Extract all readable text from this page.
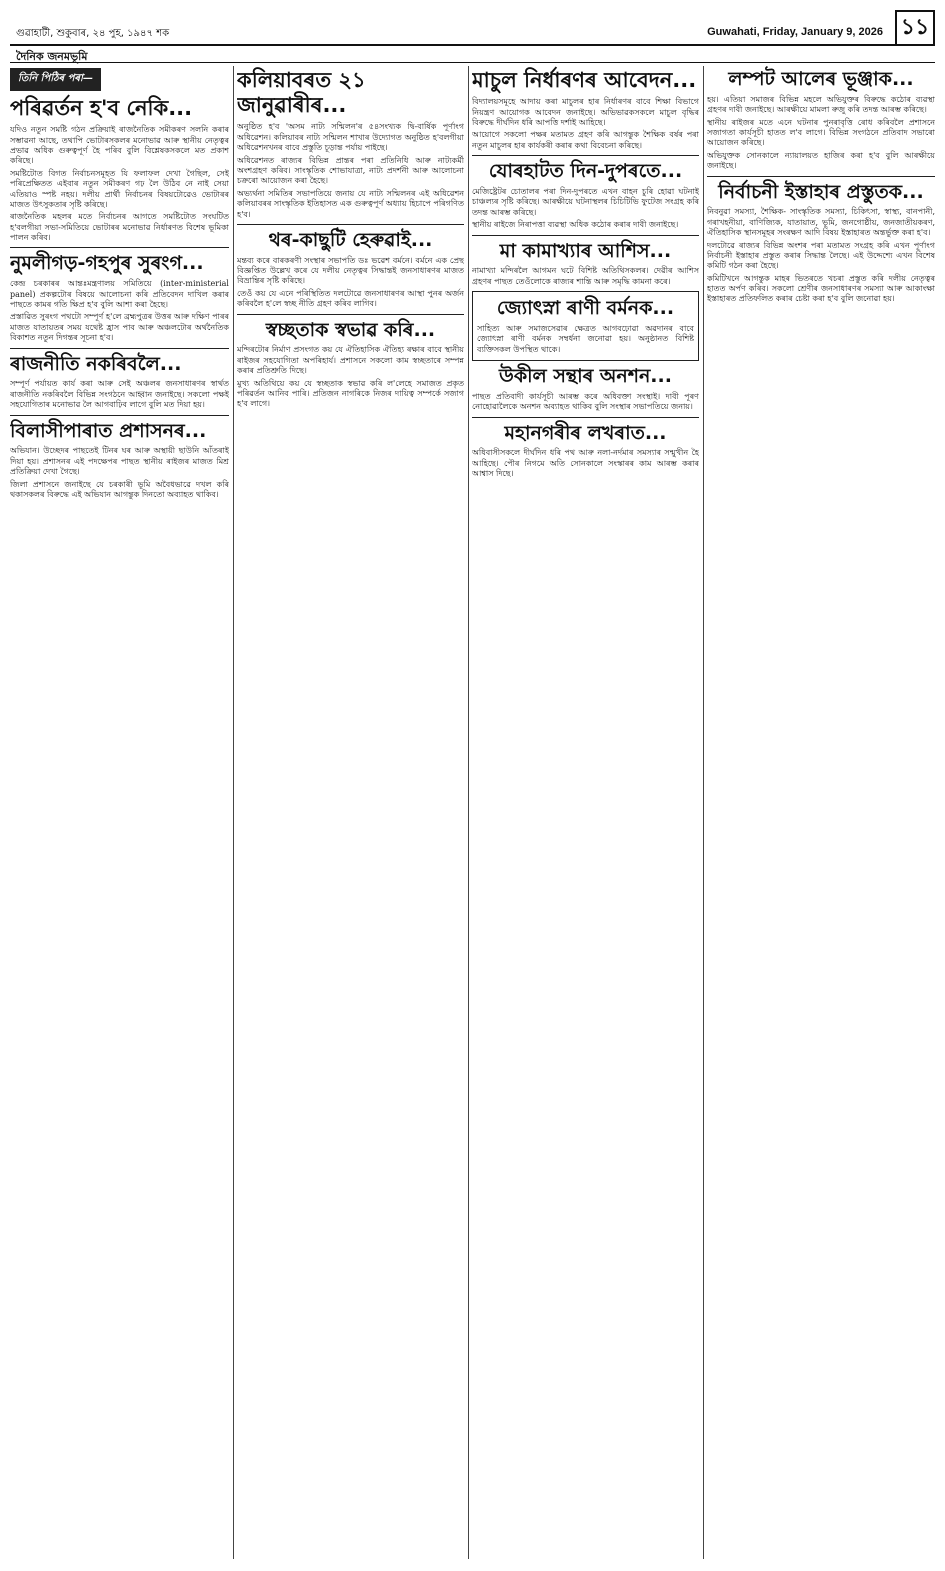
গুৱাহাটী, শুকুবাৰ, ২৪ পুহ, ১৯৪৭ শক	Guwahati, Friday, January 9, 2026 ১১
দৈনিক জনমভূমি
তিনি পিঠিৰ পৰা—
পৰিৱৰ্তন হ'ব নেকি...

যদিও নতুন সমষ্টি গঠন প্ৰক্ৰিয়াই ৰাজনৈতিক সমীকৰণ সলনি কৰাৰ সম্ভাৱনা আছে, তথাপি ভোটাৰসকলৰ মনোভাৱ আৰু স্থানীয় নেতৃত্বৰ প্ৰভাৱ অধিক গুৰুত্বপূৰ্ণ হৈ পৰিব বুলি বিশ্লেষকসকলে মত প্ৰকাশ কৰিছে।

সমষ্টিটোত বিগত নিৰ্বাচনসমূহত যি ফলাফল দেখা গৈছিল, সেই পৰিপ্ৰেক্ষিতত এইবাৰ নতুন সমীকৰণ গঢ় লৈ উঠিব নে নাই সেয়া এতিয়াও স্পষ্ট নহয়। দলীয় প্ৰাৰ্থী নিৰ্বাচনৰ বিষয়টোৱেও ভোটাৰৰ মাজত উৎসুকতাৰ সৃষ্টি কৰিছে।

ৰাজনৈতিক মহলৰ মতে নিৰ্বাচনৰ আগতে সমষ্টিটোত সংঘটিত হ'বলগীয়া সভা-সমিতিয়ে ভোটাৰৰ মনোভাৱ নিৰ্ধাৰণত বিশেষ ভূমিকা পালন কৰিব।

নুমলীগড়-গহপুৰ সুৰংগ...

কেন্দ্ৰ চৰকাৰৰ আন্তঃমন্ত্ৰণালয় সমিতিয়ে (inter-ministerial panel) প্ৰকল্পটোৰ বিষয়ে আলোচনা কৰি প্ৰতিবেদন দাখিল কৰাৰ পাছতে কামৰ গতি ক্ষিপ্ৰ হ'ব বুলি আশা কৰা হৈছে।

প্ৰস্তাৱিত সুৰংগ পথটো সম্পূৰ্ণ হ'লে ব্ৰহ্মপুত্ৰৰ উত্তৰ আৰু দক্ষিণ পাৰৰ মাজত যাতায়তৰ সময় যথেষ্ট হ্ৰাস পাব আৰু অঞ্চলটোৰ অৰ্থনৈতিক বিকাশত নতুন দিগন্তৰ সূচনা হ'ব।

ৰাজনীতি নকৰিবলৈ...

সম্পূৰ্ণ পৰ্যায়ত কাৰ্য কৰা আৰু সেই অঞ্চলৰ জনসাধাৰণৰ স্বাৰ্থত ৰাজনীতি নকৰিবলৈ বিভিন্ন সংগঠনে আহ্বান জনাইছে। সকলো পক্ষই সহযোগিতাৰ মনোভাৱ লৈ আগবাঢ়িব লাগে বুলি মত দিয়া হয়।

বিলাসীপাৰাত প্ৰশাসনৰ...

অভিযান। উচ্ছেদৰ পাছতেই টিনৰ ঘৰ আৰু অস্থায়ী ছাউনি আঁতৰাই দিয়া হয়। প্ৰশাসনৰ এই পদক্ষেপৰ পাছত স্থানীয় ৰাইজৰ মাজত মিশ্ৰ প্ৰতিক্ৰিয়া দেখা গৈছে।

জিলা প্ৰশাসনে জনাইছে যে চৰকাৰী ভূমি অবৈধভাৱে দখল কৰি থকাসকলৰ বিৰুদ্ধে এই অভিযান আগন্তুক দিনতো অব্যাহত থাকিব।

কলিয়াবৰত ২১ জানুৱাৰীৰ...

অনুষ্ঠিত হ'ব 'অসম নাট্য সন্মিলন'ৰ ৫৪সংখ্যক দ্বি-বাৰ্ষিক পূৰ্ণাংগ অধিৱেশন। কলিয়াবৰ নাট্য সন্মিলন শাখাৰ উদ্যোগত অনুষ্ঠিত হ'বলগীয়া অধিৱেশনখনৰ বাবে প্ৰস্তুতি চূড়ান্ত পৰ্যায় পাইছে।

অধিৱেশনত ৰাজ্যৰ বিভিন্ন প্ৰান্তৰ পৰা প্ৰতিনিধি আৰু নাট্যকৰ্মী অংশগ্ৰহণ কৰিব। সাংস্কৃতিক শোভাযাত্ৰা, নাট্য প্ৰদৰ্শনী আৰু আলোচনা চক্ৰৰো আয়োজন কৰা হৈছে।

অভ্যৰ্থনা সমিতিৰ সভাপতিয়ে জনায় যে নাট্য সন্মিলনৰ এই অধিৱেশন কলিয়াবৰৰ সাংস্কৃতিক ইতিহাসত এক গুৰুত্বপূৰ্ণ অধ্যায় হিচাপে পৰিগণিত হ'ব।

থৰ-কাছুটি হেৰুৱাই...

মন্তব্য কৰে বাৰকৰণী সংস্থাৰ সভাপতি ডঃ ভৱেশ বৰ্মনে। বৰ্মনে এক প্ৰেছ বিজ্ঞপ্তিত উল্লেখ কৰে যে দলীয় নেতৃত্বৰ সিদ্ধান্তই জনসাধাৰণৰ মাজত বিভ্ৰান্তিৰ সৃষ্টি কৰিছে।

তেওঁ কয় যে এনে পৰিস্থিতিত দলটোৱে জনসাধাৰণৰ আস্থা পুনৰ অৰ্জন কৰিবলৈ হ'লে স্বচ্ছ নীতি গ্ৰহণ কৰিব লাগিব।

স্বচ্ছতাক স্বভাৱ কৰি...

মন্দিৰটোৰ নিৰ্মাণ প্ৰসংগত কয় যে ঐতিহাসিক ঐতিহ্য ৰক্ষাৰ বাবে স্থানীয় ৰাইজৰ সহযোগিতা অপৰিহাৰ্য। প্ৰশাসনে সকলো কাম স্বচ্ছতাৰে সম্পন্ন কৰাৰ প্ৰতিশ্ৰুতি দিছে।

মুখ্য অতিথিয়ে কয় যে স্বচ্ছতাক স্বভাৱ কৰি ল'লেহে সমাজত প্ৰকৃত পৰিৱৰ্তন আনিব পাৰি। প্ৰতিজন নাগৰিকে নিজৰ দায়িত্ব সম্পৰ্কে সজাগ হ'ব লাগে।

মাচুল নিৰ্ধাৰণৰ আবেদন...

বিদ্যালয়সমূহে আদায় কৰা মাচুলৰ হাৰ নিৰ্ধাৰণৰ বাবে শিক্ষা বিভাগে নিয়ন্ত্ৰণ আয়োগক আবেদন জনাইছে। অভিভাৱকসকলে মাচুল বৃদ্ধিৰ বিৰুদ্ধে দীৰ্ঘদিন ধৰি আপত্তি দৰ্শাই আহিছে।

আয়োগে সকলো পক্ষৰ মতামত গ্ৰহণ কৰি আগন্তুক শৈক্ষিক বৰ্ষৰ পৰা নতুন মাচুলৰ হাৰ কাৰ্যকৰী কৰাৰ কথা বিবেচনা কৰিছে।

যোৰহাটত দিন-দুপৰতে...

মেজিষ্ট্ৰেটৰ চোতালৰ পৰা দিন-দুপৰতে এখন বাহন চুৰি হোৱা ঘটনাই চাঞ্চল্যৰ সৃষ্টি কৰিছে। আৰক্ষীয়ে ঘটনাস্থলৰ চিচিটিভি ফুটেজ সংগ্ৰহ কৰি তদন্ত আৰম্ভ কৰিছে।

স্থানীয় ৰাইজে নিৰাপত্তা ব্যৱস্থা অধিক কঠোৰ কৰাৰ দাবী জনাইছে।

মা কামাখ্যাৰ আশিস...

নামাখ্যা মন্দিৰলৈ আগমন ঘটে বিশিষ্ট অতিথিসকলৰ। দেৱীৰ আশিস গ্ৰহণৰ পাছত তেওঁলোকে ৰাজ্যৰ শান্তি আৰু সমৃদ্ধি কামনা কৰে।

জ্যোৎস্না ৰাণী বৰ্মনক...

সাহিত্য আৰু সমাজসেৱাৰ ক্ষেত্ৰত আগবঢ়োৱা অৱদানৰ বাবে জ্যোৎস্না ৰাণী বৰ্মনক সম্বৰ্ধনা জনোৱা হয়। অনুষ্ঠানত বিশিষ্ট ব্যক্তিসকল উপস্থিত থাকে।

উকীল সন্থাৰ অনশন...

পাছত প্ৰতিবাদী কাৰ্যসূচী আৰম্ভ কৰে অধিবক্তা সংস্থাই। দাবী পূৰণ নোহোৱালৈকে অনশন অব্যাহত থাকিব বুলি সংস্থাৰ সভাপতিয়ে জনায়।

মহানগৰীৰ লখৰাত...

অধিবাসীসকলে দীৰ্ঘদিন ধৰি পথ আৰু নলা-নৰ্দমাৰ সমস্যাৰ সন্মুখীন হৈ আহিছে। পৌৰ নিগমে অতি সোনকালে সংস্কাৰৰ কাম আৰম্ভ কৰাৰ আশ্বাস দিছে।

লম্পট আলেৰ ভূঞ্জাক...

হয়। এতিয়া সমাজৰ বিভিন্ন মহলে অভিযুক্তৰ বিৰুদ্ধে কঠোৰ ব্যৱস্থা গ্ৰহণৰ দাবী জনাইছে। আৰক্ষীয়ে মামলা ৰুজু কৰি তদন্ত আৰম্ভ কৰিছে।

স্থানীয় ৰাইজৰ মতে এনে ঘটনাৰ পুনৰাবৃত্তি ৰোধ কৰিবলৈ প্ৰশাসনে সজাগতা কাৰ্যসূচী হাতত ল'ব লাগে। বিভিন্ন সংগঠনে প্ৰতিবাদ সভাৰো আয়োজন কৰিছে।

অভিযুক্তক সোনকালে ন্যায়ালয়ত হাজিৰ কৰা হ'ব বুলি আৰক্ষীয়ে জনাইছে।

নিৰ্বাচনী ইস্তাহাৰ প্ৰস্তুতক...

নিবনুৱা সমস্যা, শৈক্ষিক- সাংস্কৃতিক সমস্যা, চিকিৎসা, স্বাস্থ্য, বানপানী, গৰাখহনীয়া, বাণিজ্যিক, যাতায়াত, ভূমি, জনগোষ্ঠীয়, জনজাতীয়কৰণ, ঐতিহাসিক স্থানসমূহৰ সংৰক্ষণ আদি বিষয় ইস্তাহাৰত অন্তৰ্ভুক্ত কৰা হ'ব।

দলটোৱে ৰাজ্যৰ বিভিন্ন অংশৰ পৰা মতামত সংগ্ৰহ কৰি এখন পূৰ্ণাংগ নিৰ্বাচনী ইস্তাহাৰ প্ৰস্তুত কৰাৰ সিদ্ধান্ত লৈছে। এই উদ্দেশ্যে এখন বিশেষ কমিটি গঠন কৰা হৈছে।

কমিটিখনে আগন্তুক মাহৰ ভিতৰতে খচৰা প্ৰস্তুত কৰি দলীয় নেতৃত্বৰ হাতত অৰ্পণ কৰিব। সকলো শ্ৰেণীৰ জনসাধাৰণৰ সমস্যা আৰু আকাংক্ষা ইস্তাহাৰত প্ৰতিফলিত কৰাৰ চেষ্টা কৰা হ'ব বুলি জনোৱা হয়।
